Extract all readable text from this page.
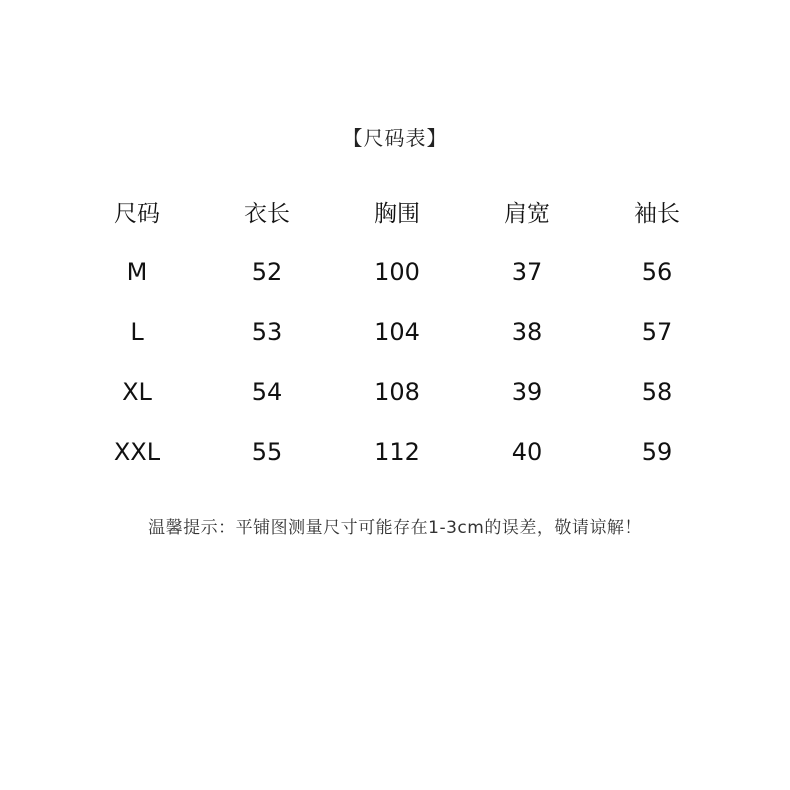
【尺码表】
尺码	衣长	胸围	肩宽	袖长
M	52	100	37	56
L	53	104	38	57
XL	54	108	39	58
XXL	55	112	40	59
温馨提示：平铺图测量尺寸可能存在1-3cm的误差，敬请谅解！
